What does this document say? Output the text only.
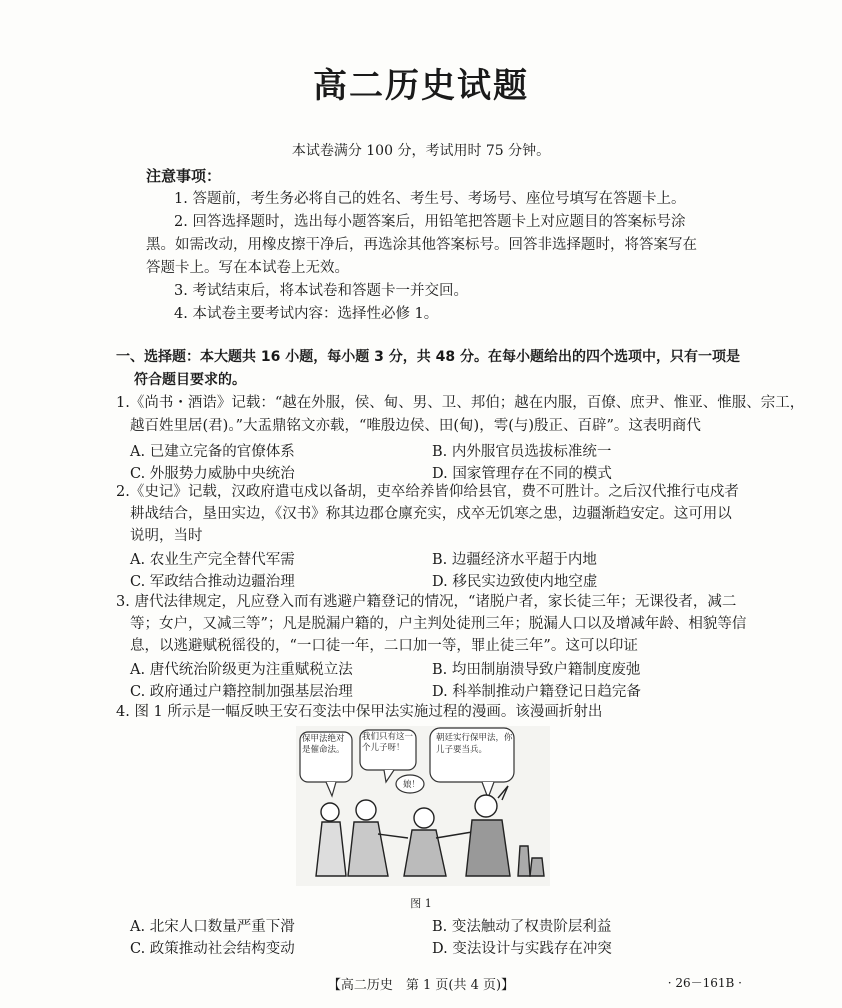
高二历史试题
本试卷满分 100 分，考试用时 75 分钟。
注意事项：
1. 答题前，考生务必将自己的姓名、考生号、考场号、座位号填写在答题卡上。
2. 回答选择题时，选出每小题答案后，用铅笔把答题卡上对应题目的答案标号涂
黑。如需改动，用橡皮擦干净后，再选涂其他答案标号。回答非选择题时，将答案写在
答题卡上。写在本试卷上无效。
3. 考试结束后，将本试卷和答题卡一并交回。
4. 本试卷主要考试内容：选择性必修 1。
一、选择题：本大题共 16 小题，每小题 3 分，共 48 分。在每小题给出的四个选项中，只有一项是
符合题目要求的。
1.《尚书・酒诰》记载：“越在外服，侯、甸、男、卫、邦伯；越在内服，百僚、庶尹、惟亚、惟服、宗工，
越百姓里居(君)。”大盂鼎铭文亦载，“唯殷边侯、田(甸)，雩(与)殷正、百辟”。这表明商代
A. 已建立完备的官僚体系	B. 内外服官员选拔标准统一
C. 外服势力威胁中央统治	D. 国家管理存在不同的模式
2.《史记》记载，汉政府遣屯戍以备胡，吏卒给养皆仰给县官，费不可胜计。之后汉代推行屯戍者
耕战结合，垦田实边，《汉书》称其边郡仓廪充实，戍卒无饥寒之患，边疆渐趋安定。这可用以
说明，当时
A. 农业生产完全替代军需	B. 边疆经济水平超于内地
C. 军政结合推动边疆治理	D. 移民实边致使内地空虚
3. 唐代法律规定，凡应登入而有逃避户籍登记的情况，“诸脱户者，家长徒三年；无课役者，减二
等；女户，又减三等”；凡是脱漏户籍的，户主判处徒刑三年；脱漏人口以及增减年龄、相貌等信
息，以逃避赋税徭役的，“一口徒一年，二口加一等，罪止徒三年”。这可以印证
A. 唐代统治阶级更为注重赋税立法	B. 均田制崩溃导致户籍制度废弛
C. 政府通过户籍控制加强基层治理	D. 科举制推动户籍登记日趋完备
4. 图 1 所示是一幅反映王安石变法中保甲法实施过程的漫画。该漫画折射出
保甲法绝对是催命法。
我们只有这一个儿子呀！
朝廷实行保甲法，你儿子要当兵。
娘！
图 1
A. 北宋人口数量严重下滑	B. 变法触动了权贵阶层利益
C. 政策推动社会结构变动	D. 变法设计与实践存在冲突
【高二历史　第 1 页(共 4 页)】	· 26－161B ·
